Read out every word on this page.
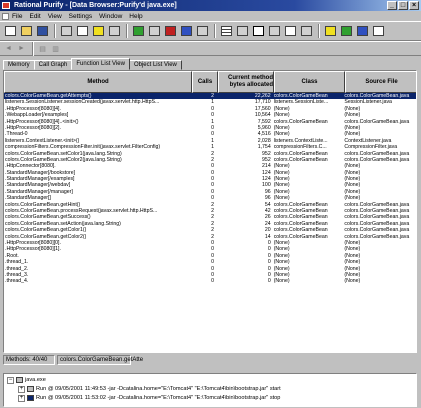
Rational Purify - [Data Browser:Purify'd java.exe]	_ □ ×
File Edit View Settings Window Help
◄ ►	▤ ▥
Memory	Call Graph	Function List View	Object List View
Method	Calls
Current method bytes allocated
Class	Source File
colors.ColorGameBean.getAttempts()	2	22,262 colors.ColorGameBean	colors.ColorGameBean.java
listeners.SessionListener.sessionCreated(javax.servlet.http.HttpS...	1	17,710 listeners.SessionListe...	SessionListener.java
.HttpProcessor[8080][4].	0	17,560 (None)	(None)
.WebappLoader[/examples]	0	10,564 (None)	(None)
.HttpProcessor[8080][4]..<init>()	1	7,592 colors.ColorGameBean	colors.ColorGameBean.java
.HttpProcessor[8080][2].	0	5,960 (None)	(None)
.Thread-0	0	4,516 (None)	(None)
listeners.ContextListener.<init>()	1	2,028 listeners.ContextListe...	ContextListener.java
compressionFilters.CompressionFilter.init(javax.servlet.FilterConfig)	1	1,754 compressionFilters.C...	CompressionFilter.java
colors.ColorGameBean.setColor1(java.lang.String)	2	952 colors.ColorGameBean	colors.ColorGameBean.java
colors.ColorGameBean.setColor2(java.lang.String)	2	952 colors.ColorGameBean	colors.ColorGameBean.java
.HttpConnector[8080].	0	214 (None)	(None)
.StandardManager[/bookstore]	0	124 (None)	(None)
.StandardManager[/examples]	0	124 (None)	(None)
.StandardManager[/webdav]	0	100 (None)	(None)
.StandardManager[/manager]	0	96 (None)	(None)
.StandardManager[]	0	96 (None)	(None)
colors.ColorGameBean.getHint()	2	54 colors.ColorGameBean	colors.ColorGameBean.java
colors.ColorGameBean.processRequest(javax.servlet.http.HttpS...	2	42 colors.ColorGameBean	colors.ColorGameBean.java
colors.ColorGameBean.getSuccess()	2	26 colors.ColorGameBean	colors.ColorGameBean.java
colors.ColorGameBean.setAction(java.lang.String)	2	24 colors.ColorGameBean	colors.ColorGameBean.java
colors.ColorGameBean.getColor1()	2	20 colors.ColorGameBean	colors.ColorGameBean.java
colors.ColorGameBean.getColor2()	2	14 colors.ColorGameBean	colors.ColorGameBean.java
.HttpProcessor[8080][0].	0	0 (None)	(None)
.HttpProcessor[8080][1].	0	0 (None)	(None)
.Root.	0	0 (None)	(None)
.thread_1.	0	0 (None)	(None)
.thread_2.	0	0 (None)	(None)
.thread_3.	0	0 (None)	(None)
.thread_4.	0	0 (None)	(None)
Methods: 40/40	colors.ColorGameBean.getAtte
−	java.exe
+	Run @ 09/05/2001 11:49:53 -jar -Dcatalina.home="E:\Tomcat4" "E:\Tomcat4\bin\bootstrap.jar" start
+	Run @ 09/05/2001 11:53:02 -jar -Dcatalina.home="E:\Tomcat4" "E:\Tomcat4\bin\bootstrap.jar" stop
